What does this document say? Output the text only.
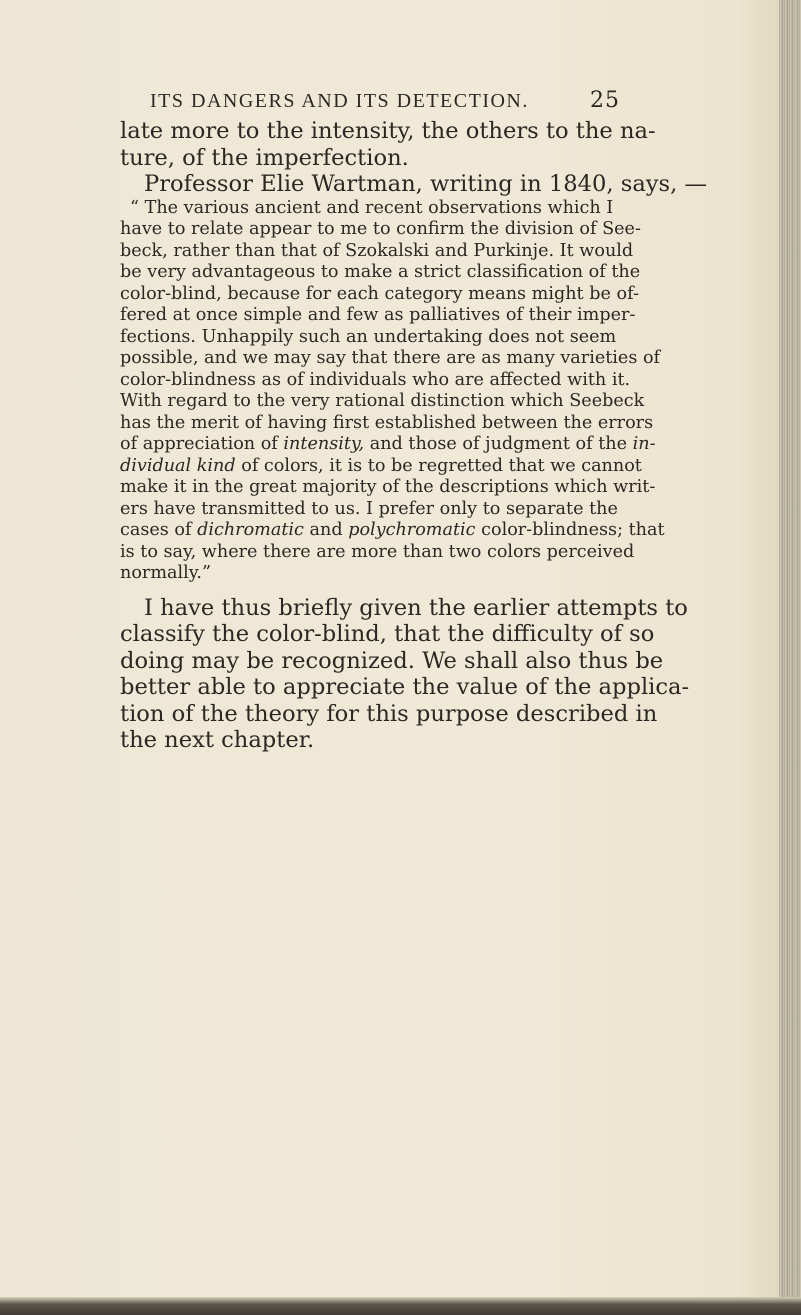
ITS DANGERS AND ITS DETECTION.	25

late more to the intensity, the others to the na-

ture, of the imperfection.

Professor Elie Wartman, writing in 1840, says, —

“ The various ancient and recent observations which I

have to relate appear to me to confirm the division of See-

beck, rather than that of Szokalski and Purkinje. It would

be very advantageous to make a strict classification of the

color-blind, because for each category means might be of-

fered at once simple and few as palliatives of their imper-

fections. Unhappily such an undertaking does not seem

possible, and we may say that there are as many varieties of

color-blindness as of individuals who are affected with it.

With regard to the very rational distinction which Seebeck

has the merit of having first established between the errors

of appreciation of intensity, and those of judgment of the in-

dividual kind of colors, it is to be regretted that we cannot

make it in the great majority of the descriptions which writ-

ers have transmitted to us. I prefer only to separate the

cases of dichromatic and polychromatic color-blindness; that

is to say, where there are more than two colors perceived

normally.”

I have thus briefly given the earlier attempts to

classify the color-blind, that the difficulty of so

doing may be recognized. We shall also thus be

better able to appreciate the value of the applica-

tion of the theory for this purpose described in

the next chapter.
